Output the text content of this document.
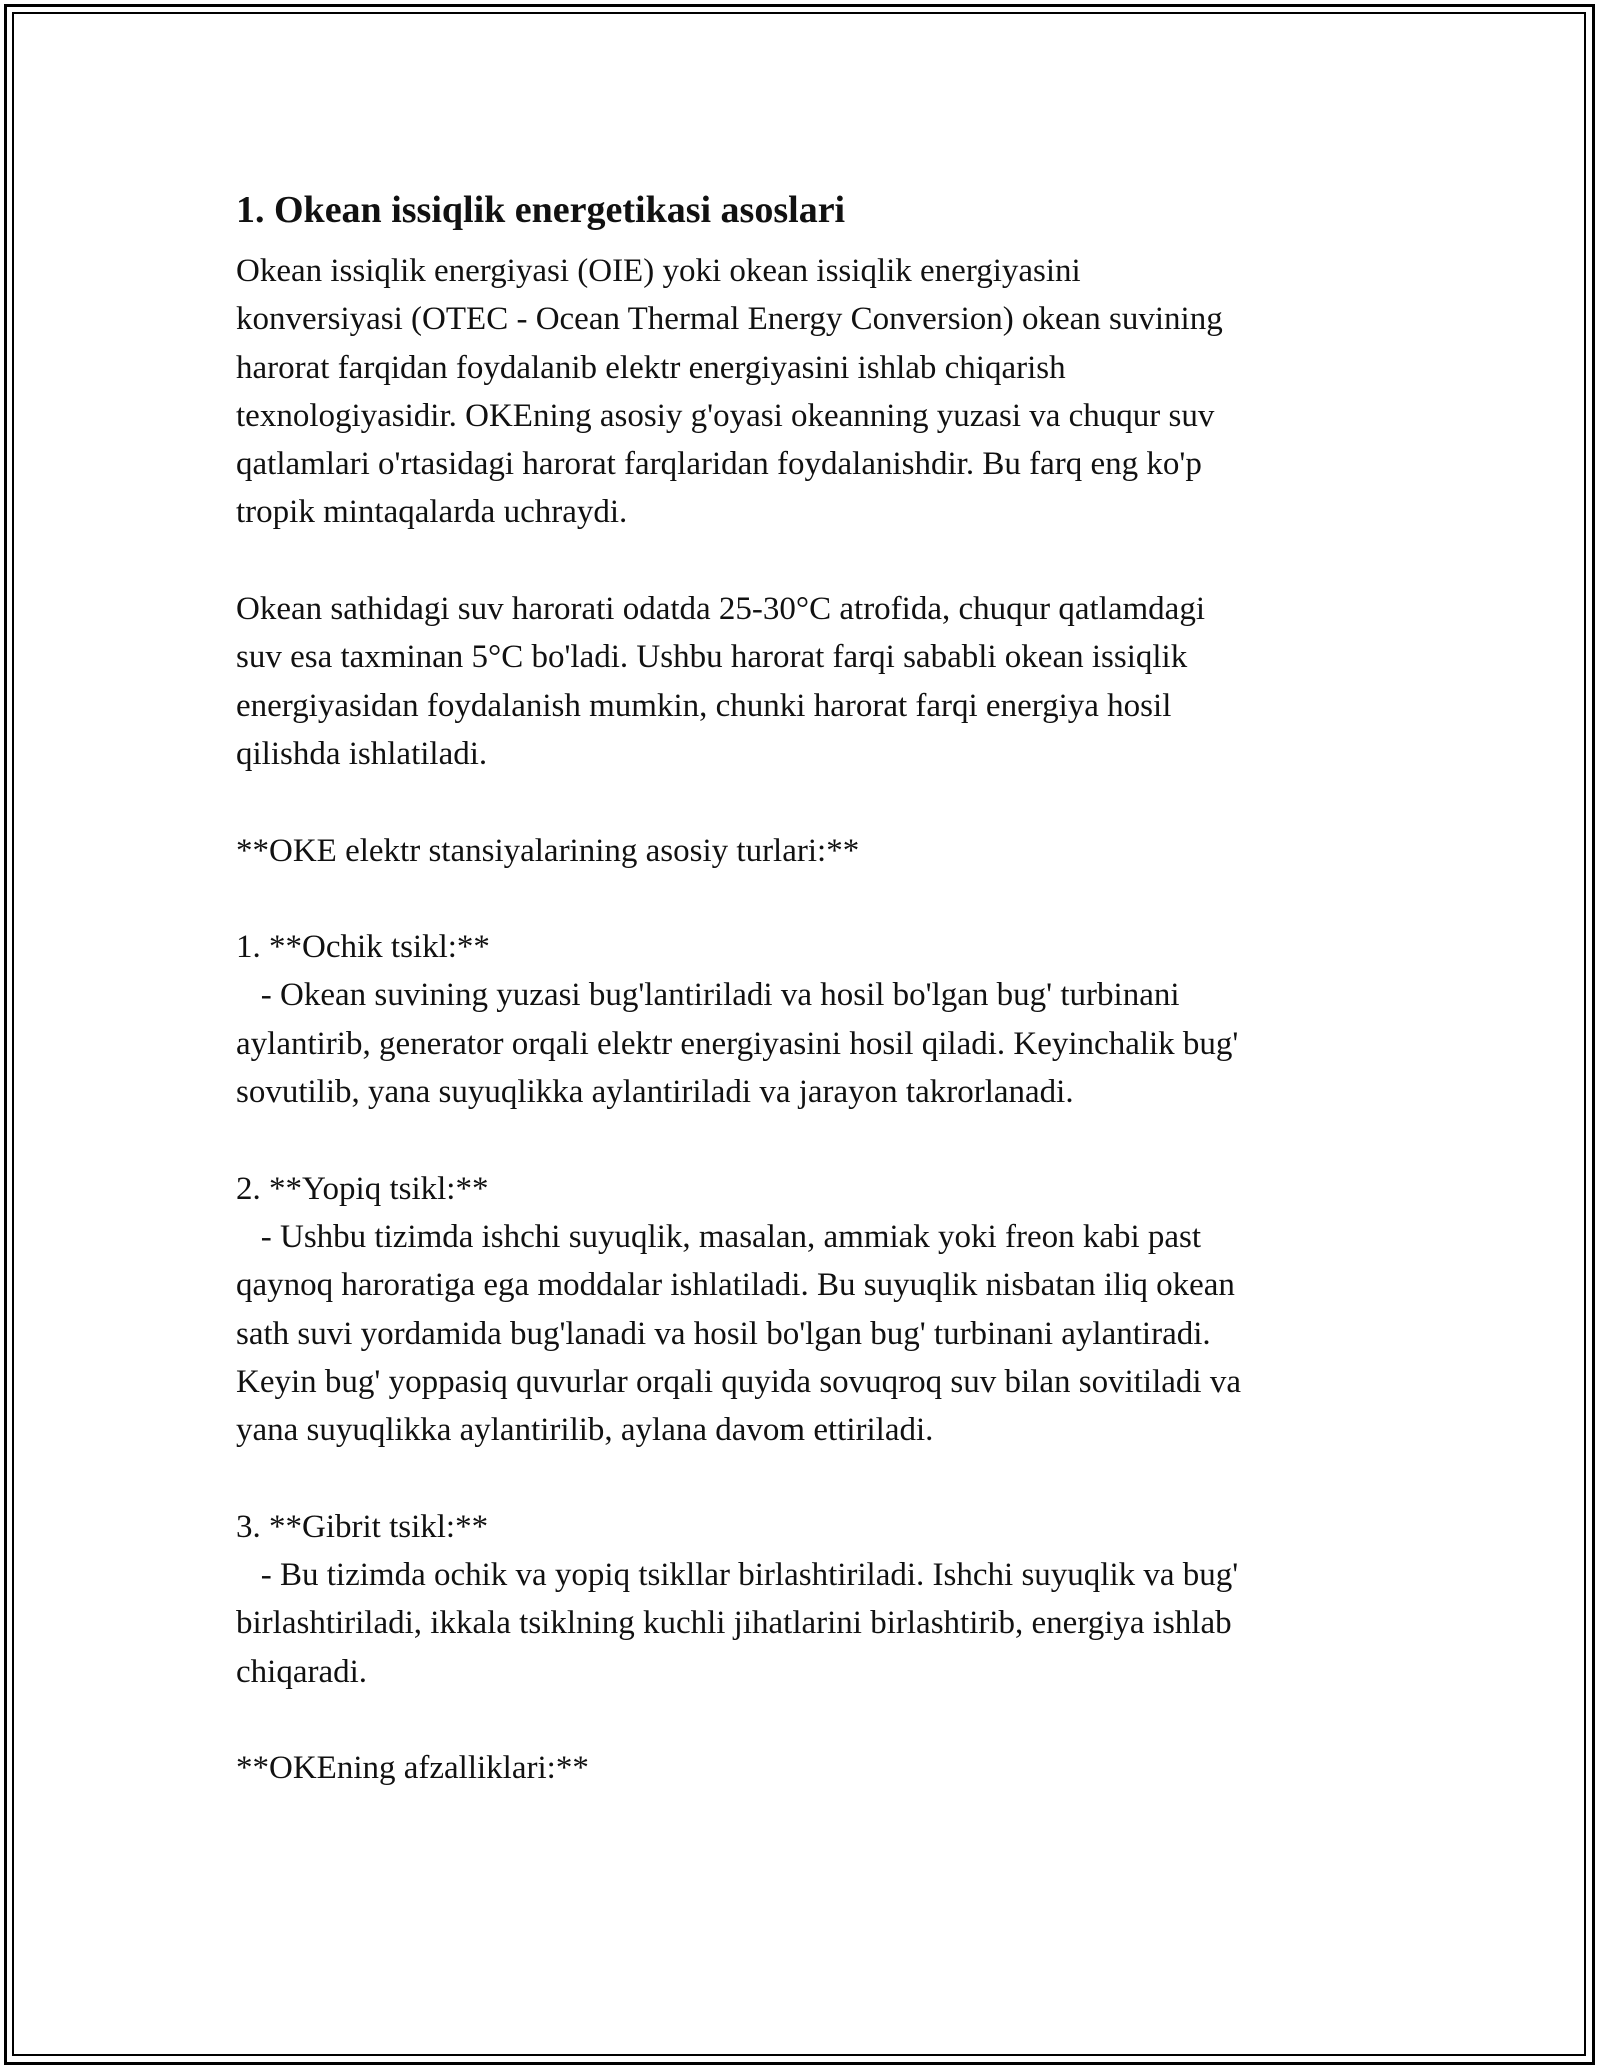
1. Okean issiqlik energetikasi asoslari

Okean issiqlik energiyasi (OIE) yoki okean issiqlik energiyasini
konversiyasi (OTEC - Ocean Thermal Energy Conversion) okean suvining
harorat farqidan foydalanib elektr energiyasini ishlab chiqarish
texnologiyasidir. OKEning asosiy g'oyasi okeanning yuzasi va chuqur suv
qatlamlari o'rtasidagi harorat farqlaridan foydalanishdir. Bu farq eng ko'p
tropik mintaqalarda uchraydi.

Okean sathidagi suv harorati odatda 25-30°C atrofida, chuqur qatlamdagi
suv esa taxminan 5°C bo'ladi. Ushbu harorat farqi sababli okean issiqlik
energiyasidan foydalanish mumkin, chunki harorat farqi energiya hosil
qilishda ishlatiladi.

**OKE elektr stansiyalarining asosiy turlari:**

1. **Ochik tsikl:**
- Okean suvining yuzasi bug'lantiriladi va hosil bo'lgan bug' turbinani
aylantirib, generator orqali elektr energiyasini hosil qiladi. Keyinchalik bug'
sovutilib, yana suyuqlikka aylantiriladi va jarayon takrorlanadi.

2. **Yopiq tsikl:**
- Ushbu tizimda ishchi suyuqlik, masalan, ammiak yoki freon kabi past
qaynoq haroratiga ega moddalar ishlatiladi. Bu suyuqlik nisbatan iliq okean
sath suvi yordamida bug'lanadi va hosil bo'lgan bug' turbinani aylantiradi.
Keyin bug' yoppasiq quvurlar orqali quyida sovuqroq suv bilan sovitiladi va
yana suyuqlikka aylantirilib, aylana davom ettiriladi.

3. **Gibrit tsikl:**
- Bu tizimda ochik va yopiq tsikllar birlashtiriladi. Ishchi suyuqlik va bug'
birlashtiriladi, ikkala tsiklning kuchli jihatlarini birlashtirib, energiya ishlab
chiqaradi.

**OKEning afzalliklari:**
